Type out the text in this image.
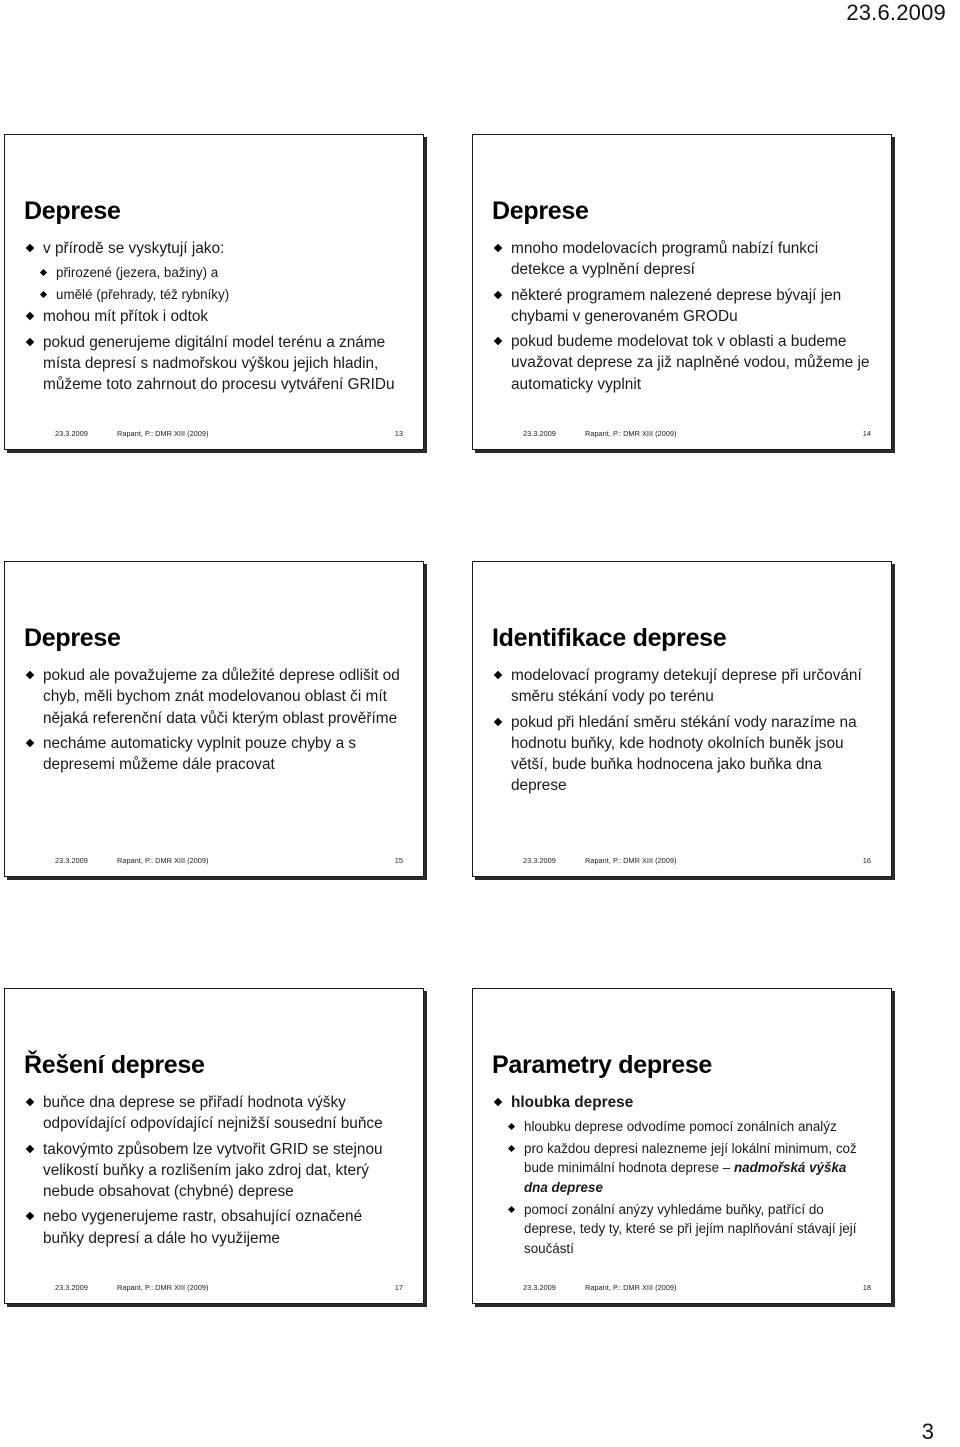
23.6.2009
Deprese
v přírodě se vyskytují jako:
přirozené (jezera, bažiny) a
umělé (přehrady, též rybníky)
mohou mít přítok i odtok
pokud generujeme digitální model terénu a známe místa depresí s nadmořskou výškou jejich hladin, můžeme toto zahrnout do procesu vytváření GRIDu
23.3.2009	Rapant, P.: DMR XIII (2009)	13
Deprese
mnoho modelovacích programů nabízí funkci detekce a vyplnění depresí
některé programem nalezené deprese bývají jen chybami v generovaném GRODu
pokud budeme modelovat tok v oblasti a budeme uvažovat deprese za již naplněné vodou, můžeme je automaticky vyplnit
23.3.2009	Rapant, P.: DMR XIII (2009)	14
Deprese
pokud ale považujeme za důležité deprese odlišit od chyb, měli bychom znát modelovanou oblast či mít nějaká referenční data vůči kterým oblast prověříme
necháme automaticky vyplnit pouze chyby a s depresemi můžeme dále pracovat
23.3.2009	Rapant, P.: DMR XIII (2009)	15
Identifikace deprese
modelovací programy detekují deprese při určování směru stékání vody po terénu
pokud při hledání směru stékání vody narazíme na hodnotu buňky, kde hodnoty okolních buněk jsou větší, bude buňka hodnocena jako buňka dna deprese
23.3.2009	Rapant, P.: DMR XIII (2009)	16
Řešení deprese
buňce dna deprese se přiřadí hodnota výšky odpovídající odpovídající nejnižší sousední buňce
takovýmto způsobem lze vytvořit GRID se stejnou velikostí buňky a rozlišením jako zdroj dat, který nebude obsahovat (chybné) deprese
nebo vygenerujeme rastr, obsahující označené buňky depresí a dále ho využijeme
23.3.2009	Rapant, P.: DMR XIII (2009)	17
Parametry deprese
hloubka deprese
hloubku deprese odvodíme pomocí zonálních analýz
pro každou depresi nalezneme její lokální minimum, což bude minimální hodnota deprese – nadmořská výška dna deprese
pomocí zonální anýzy vyhledáme buňky, patřící do deprese, tedy ty, které se při jejím naplňování stávají její součástí
23.3.2009	Rapant, P.: DMR XIII (2009)	18
3
